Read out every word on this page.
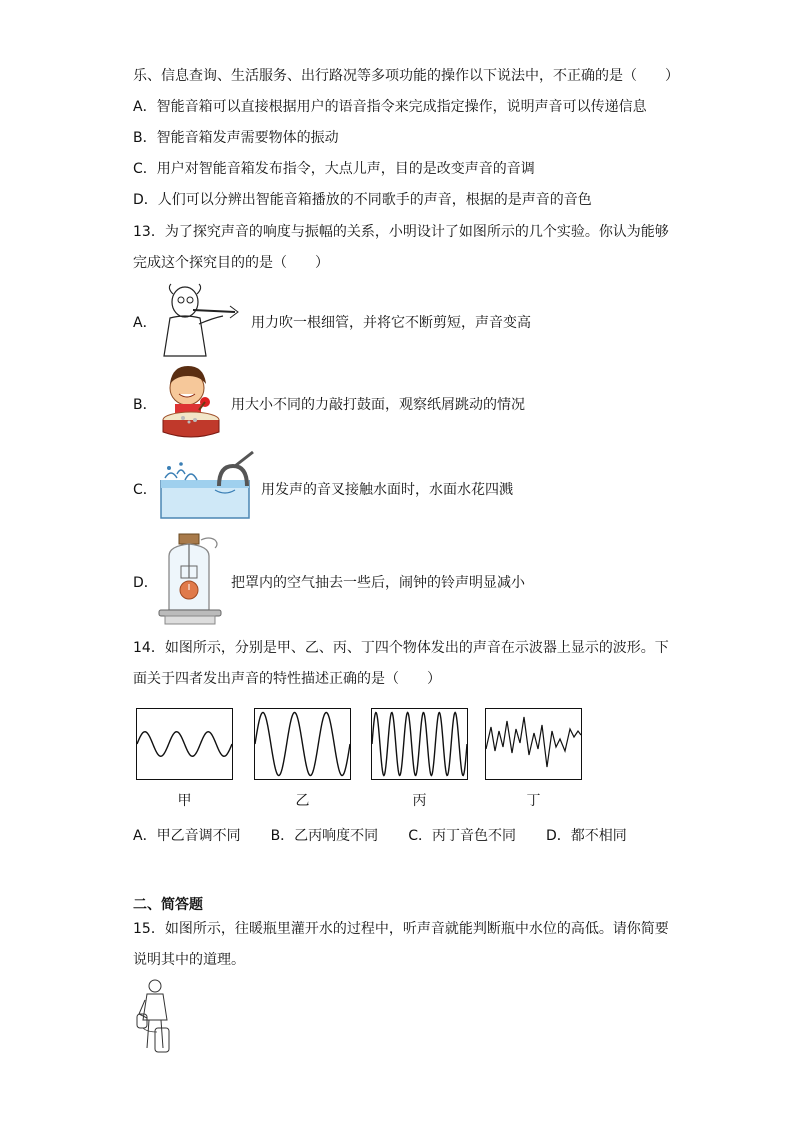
乐、信息查询、生活服务、出行路况等多项功能的操作以下说法中，不正确的是（　　）
A．智能音箱可以直接根据用户的语音指令来完成指定操作，说明声音可以传递信息
B．智能音箱发声需要物体的振动
C．用户对智能音箱发布指令，大点儿声，目的是改变声音的音调
D．人们可以分辨出智能音箱播放的不同歌手的声音，根据的是声音的音色
13．为了探究声音的响度与振幅的关系，小明设计了如图所示的几个实验。你认为能够
完成这个探究目的的是（　　）
A．	用力吹一根细管，并将它不断剪短，声音变高
B．	用大小不同的力敲打鼓面，观察纸屑跳动的情况
C．	用发声的音叉接触水面时，水面水花四溅
D．	把罩内的空气抽去一些后，闹钟的铃声明显减小
14．如图所示，分别是甲、乙、丙、丁四个物体发出的声音在示波器上显示的波形。下
面关于四者发出声音的特性描述正确的是（　　）
甲	乙	丙	丁
A．甲乙音调不同 B．乙丙响度不同 C．丙丁音色不同 D．都不相同
二、简答题
15．如图所示，往暖瓶里灌开水的过程中，听声音就能判断瓶中水位的高低。请你简要
说明其中的道理。
